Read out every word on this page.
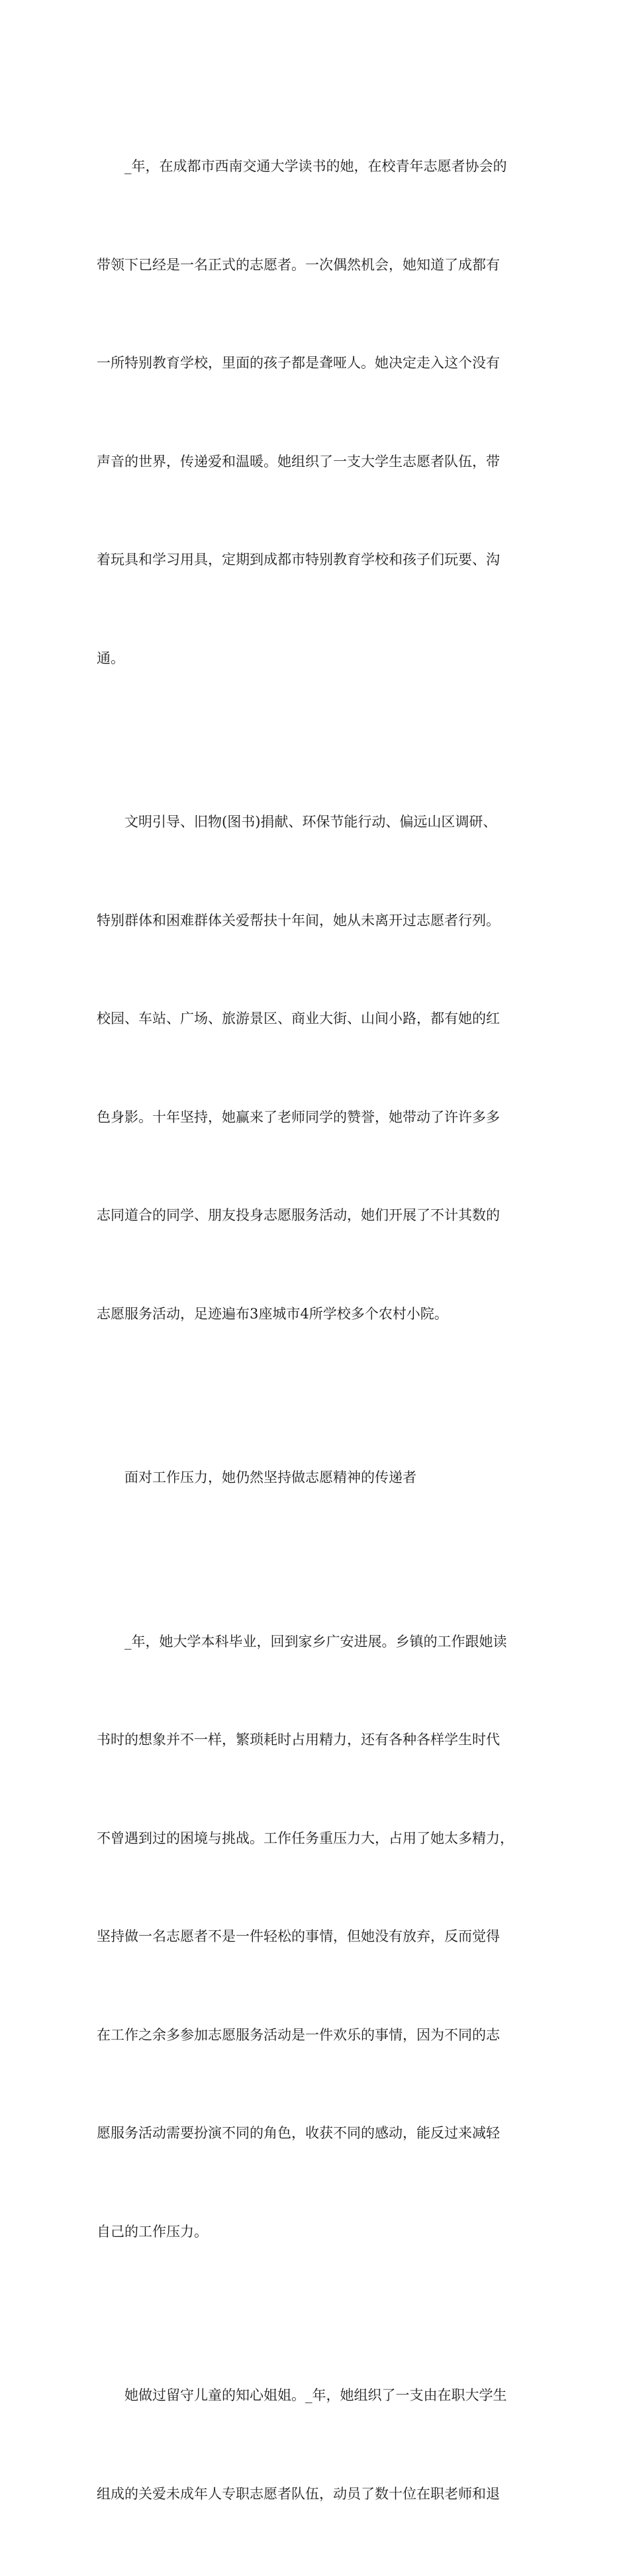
_年，在成都市西南交通大学读书的她，在校青年志愿者协会的

带领下已经是一名正式的志愿者。一次偶然机会，她知道了成都有

一所特别教育学校，里面的孩子都是聋哑人。她决定走入这个没有

声音的世界，传递爱和温暖。她组织了一支大学生志愿者队伍，带

着玩具和学习用具，定期到成都市特别教育学校和孩子们玩要、沟

通。

文明引导、旧物(图书)捐献、环保节能行动、偏远山区调研、

特别群体和困难群体关爱帮扶十年间，她从未离开过志愿者行列。

校园、车站、广场、旅游景区、商业大街、山间小路，都有她的红

色身影。十年坚持，她赢来了老师同学的赞誉，她带动了许许多多

志同道合的同学、朋友投身志愿服务活动，她们开展了不计其数的

志愿服务活动，足迹遍布3座城市4所学校多个农村小院。

面对工作压力，她仍然坚持做志愿精神的传递者

_年，她大学本科毕业，回到家乡广安进展。乡镇的工作跟她读

书时的想象并不一样，繁琐耗时占用精力，还有各种各样学生时代

不曾遇到过的困境与挑战。工作任务重压力大，占用了她太多精力，

坚持做一名志愿者不是一件轻松的事情，但她没有放弃，反而觉得

在工作之余多参加志愿服务活动是一件欢乐的事情，因为不同的志

愿服务活动需要扮演不同的角色，收获不同的感动，能反过来减轻

自己的工作压力。

她做过留守儿童的知心姐姐。_年，她组织了一支由在职大学生

组成的关爱未成年人专职志愿者队伍，动员了数十位在职老师和退
